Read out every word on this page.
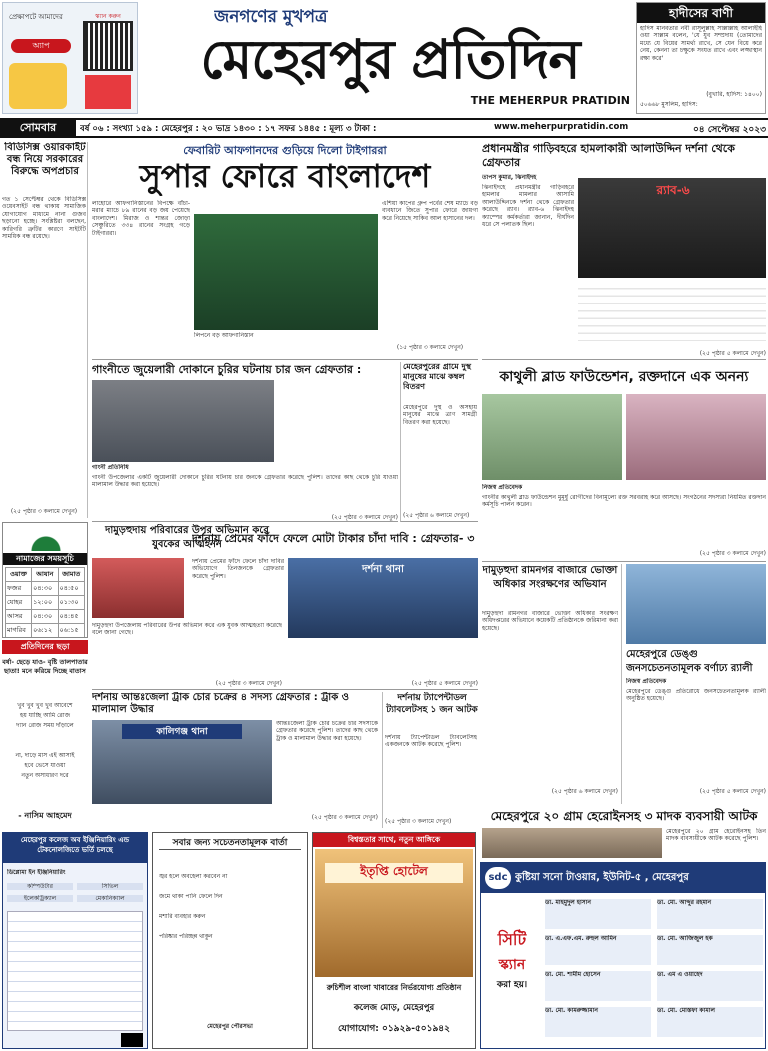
প্রেক্ষাপটে আমাদের
অ্যাপ
স্ক্যান করুন	জনগণের মুখপত্র
মেহেরপুর প্রতিদিন
THE MEHERPUR PRATIDIN
হাদীসের বাণী
হাদিস মানবতার নবী রাসূলুল্লাহ সাল্লাল্লাহ আলাইহি ওয়া সাল্লাম বলেন, 'যে যুব সম্প্রদায় (তোমাদের মধ্যে যে বিয়ের সামর্থ্য রাখে, সে যেন বিয়ে করে নেয়, কেননা তা চক্ষুকে সংযত রাখে এবং লজ্জাস্থান রক্ষা করে'
(বুখারি, হাদিস: ১৪০০)
৫০৬৬৮ মুসলিম, হাদিস:
সোমবার	বর্ষ ০৬ : সংখ্যা ১৫৯ : মেহেরপুর : ২০ ভাদ্র ১৪৩০ : ১৭ সফর ১৪৪৫ : মূল্য ৩ টাকা :	www.meherpurpratidin.com	০৪ সেপ্টেম্বর ২০২৩
বিডিসিক্স ওয়ারকাইট বন্ধ নিয়ে সরকারের বিরুদ্ধে অপপ্রচার
গত ১ সেপ্টেম্বর থেকে বিডিসিক্স ওয়েবসাইট বন্ধ থাকায় সামাজিক যোগাযোগ মাধ্যমে নানা গুজব ছড়ানো হচ্ছে। সংশ্লিষ্টরা বলছেন, কারিগরি ত্রুটির কারণে সাইটটি সাময়িক বন্ধ রয়েছে।
(২৫ পৃষ্ঠার ৩ কলামে দেখুন)
ফেবারিট আফগানদের গুড়িয়ে দিলো টাইগাররা
সুপার ফোরে বাংলাদেশ
লাহোরে আফগানিস্তানের বিপক্ষে বাঁচা-মরার ম্যাচে ৮৯ রানের বড় জয় পেয়েছে বাংলাদেশ। মিরাজ ও শান্তর জোড়া সেঞ্চুরিতে ৩৩৪ রানের সংগ্রহ গড়ে টাইগাররা।
লিপনে বড় আফগানিস্তান
এশিয়া কাপের গ্রুপ পর্বের শেষ ম্যাচে বড় ব্যবধানে জিতে সুপার ফোরে জায়গা করে নিয়েছে সাকিব আল হাসানের দল।
(১৫ পৃষ্ঠার ৩ কলামে দেখুন)
প্রধানমন্ত্রীর গাড়িবহরে হামলাকারী আলাউদ্দিন দর্শনা থেকে গ্রেফতার
তাপস কুমার, ঝিনাইদহ
ঝিনাইদহে প্রধানমন্ত্রীর গাড়িবহরে হামলার মামলার আসামি আলাউদ্দিনকে দর্শনা থেকে গ্রেফতার করেছে র‍্যাব। র‍্যাব-৬ ঝিনাইদহ ক্যাম্পের কর্মকর্তারা জানান, দীর্ঘদিন ধরে সে পলাতক ছিল।
র‍্যাব-৬
(২৫ পৃষ্ঠার ৫ কলামে দেখুন)
গাংনীতে জুয়েলারী দোকানে চুরির ঘটনায় চার জন গ্রেফতার :
গাংনী প্রতিনিধি
গাংনী উপজেলার একটি জুয়েলারী দোকানে চুরির ঘটনায় চার জনকে গ্রেফতার করেছে পুলিশ। তাদের কাছ থেকে চুরি যাওয়া মালামাল উদ্ধার করা হয়েছে।
(২৫ পৃষ্ঠার ৩ কলামে দেখুন)
মেহেরপুরের গ্রামে দুস্থ মানুষের মাঝে কম্বল বিতরণ
মেহেরপুরে দুস্থ ও অসহায় মানুষের মাঝে ত্রাণ সামগ্রী বিতরণ করা হয়েছে।
(২৫ পৃষ্ঠার ৬ কলামে দেখুন)
কাথুলী ব্লাড ফাউন্ডেশন, রক্তদানে এক অনন্য
নিজস্ব প্রতিবেদক
গাংনীর কাথুলী ব্লাড ফাউন্ডেশন মুমূর্ষু রোগীদের বিনামূল্যে রক্ত সরবরাহ করে আসছে। সংগঠনের সদস্যরা নিয়মিত রক্তদান কর্মসূচি পালন করেন।
(২৫ পৃষ্ঠার ৩ কলামে দেখুন)
নামাজের সময়সূচি
ওয়াক্ত	আযান	জামাত
ফজর	০৪:৩০	০৪:৫০
যোহর	১২:০০	০১:৩০
আসর	০৪:৩০	০৪:৪৫
মাগরিব	০৬:১২	০৬:১৫

প্রতিদিনের ছড়া
বর্ষা- ছেড়ে যাও- বৃষ্টি তালপাতার ছাতা! মনে করিয়ে দিচ্ছে বাতাস
খুব খুব খুব খুব আবেশে
হয় যাচ্ছি আমি রোজ
দ্যান রোজ সময় দাঁড়ালে
না, দাড়ে মাস এই আসাই
হবে ভেসে যাওয়া
নতুন অসাধারণ দরে
- নাসিম আহমেদ
দামুড়হুদায় পরিবারের উপর অভিমান করে যুবকের আত্মহনন
দামুড়হুদা উপজেলায় পরিবারের উপর অভিমান করে এক যুবক আত্মহত্যা করেছে বলে জানা গেছে।
(২৫ পৃষ্ঠার ৩ কলামে দেখুন)
দর্শনায় প্রেমের ফাঁদে ফেলে মোটা টাকার চাঁদা দাবি : গ্রেফতার- ৩
দর্শনা থানা
দর্শনায় প্রেমের ফাঁদে ফেলে চাঁদা দাবির অভিযোগে তিনজনকে গ্রেফতার করেছে পুলিশ।
(২৫ পৃষ্ঠার ৫ কলামে দেখুন)
দামুড়হুদা রামনগর বাজারে ভোক্তা অধিকার সংরক্ষণের অভিযান
দামুড়হুদা রামনগর বাজারে ভোক্তা অধিকার সংরক্ষণ অধিদপ্তরের অভিযানে কয়েকটি প্রতিষ্ঠানকে জরিমানা করা হয়েছে।
(২৫ পৃষ্ঠার ৬ কলামে দেখুন)
মেহেরপুরে ডেঙ্গু জনসচেতনতামূলক বর্ণাঢ্য র‍্যালী
নিজস্ব প্রতিবেদক
মেহেরপুরে ডেঙ্গু প্রতিরোধে জনসচেতনতামূলক র‍্যালী অনুষ্ঠিত হয়েছে।
(২৫ পৃষ্ঠার ৫ কলামে দেখুন)
দর্শনায় আন্তঃজেলা ট্রাক চোর চক্রের ৪ সদস্য গ্রেফতার : ট্রাক ও মালামাল উদ্ধার
কালিগঞ্জ থানা
আন্তঃজেলা ট্রাক চোর চক্রের চার সদস্যকে গ্রেফতার করেছে পুলিশ। তাদের কাছ থেকে ট্রাক ও মালামাল উদ্ধার করা হয়েছে।
(২৫ পৃষ্ঠার ৩ কলামে দেখুন)
দর্শনায় ট্যাপেন্টাডল ট্যাবলেটসহ ১ জন আটক
দর্শনায় ট্যাপেন্টাডল ট্যাবলেটসহ একজনকে আটক করেছে পুলিশ।
(২৫ পৃষ্ঠার ৩ কলামে দেখুন)	মেহেরপুরে ২০ গ্রাম হেরোইনসহ ৩ মাদক ব্যবসায়ী আটক
মেহেরপুরে ২০ গ্রাম হেরোইনসহ তিন মাদক ব্যবসায়ীকে আটক করেছে পুলিশ।
মেহেরপুর কলেজ অব ইঞ্জিনিয়ারিং এন্ড টেকনোলজিতে ভর্তি চলছে
ডিপ্লোমা ইন ইঞ্জিনিয়ারিং
কম্পিউটার	সিভিল
ইলেকট্রিক্যাল	মেকানিক্যাল
সবার জন্য সচেতনতামূলক বার্তা
জ্বর হলে অবহেলা করবেন না
জমে থাকা পানি ফেলে দিন
মশারি ব্যবহার করুন
পরিষ্কার পরিচ্ছন্ন থাকুন
মেহেরপুর পৌরসভা
বিশ্বস্ততার সাথে, নতুন আঙ্গিকে
ইতৃপ্তি হোটেল
রুচিশীল বাংলা খাবারের নির্ভরযোগ্য প্রতিষ্ঠান
কলেজ মোড়, মেহেরপুর
যোগাযোগ: ০১৯২৯-৫০১৯৪২
sdc কুষ্টিয়া সনো টাওয়ার, ইউনিট-৫ , মেহেরপুর
সিটি
স্ক্যান
করা হয়।
ডা. মাহমুদুল হাসান	ডা. মো. আব্দুর রহমান
ডা. এ.এফ.এম. রুহুল আমিন	ডা. মো. আজিজুল হক
ডা. মো. শামীম হোসেন	ডা. এম এ ওয়াহেদ
ডা. মো. কামরুজ্জামান	ডা. মো. মোস্তফা কামাল
